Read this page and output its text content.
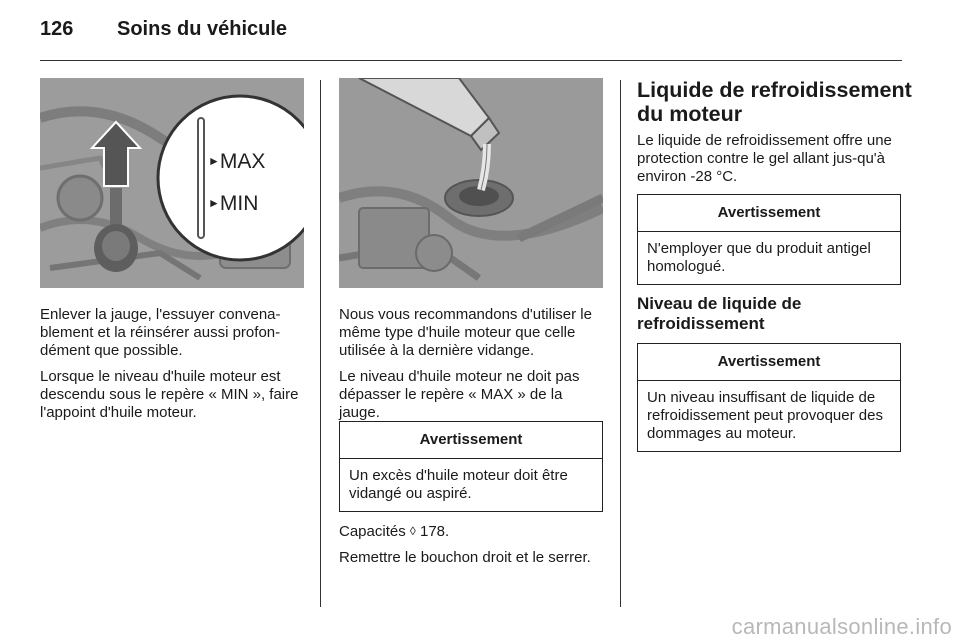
126 Soins du véhicule
►MAX
►MIN

Enlever la jauge, l'essuyer convena-blement et la réinsérer aussi profon-dément que possible.

Lorsque le niveau d'huile moteur est descendu sous le repère « MIN », faire l'appoint d'huile moteur.

Nous vous recommandons d'utiliser le même type d'huile moteur que celle utilisée à la dernière vidange.

Le niveau d'huile moteur ne doit pas dépasser le repère « MAX » de la jauge.

Avertissement
Un excès d'huile moteur doit être vidangé ou aspiré.

Capacités ◊ 178.

Remettre le bouchon droit et le serrer.

Liquide de refroidissement du moteur

Le liquide de refroidissement offre une protection contre le gel allant jus-qu'à environ -28 °C.

Avertissement
N'employer que du produit antigel homologué.
Niveau de liquide de refroidissement
Avertissement
Un niveau insuffisant de liquide de refroidissement peut provoquer des dommages au moteur.
carmanualsonline.info
